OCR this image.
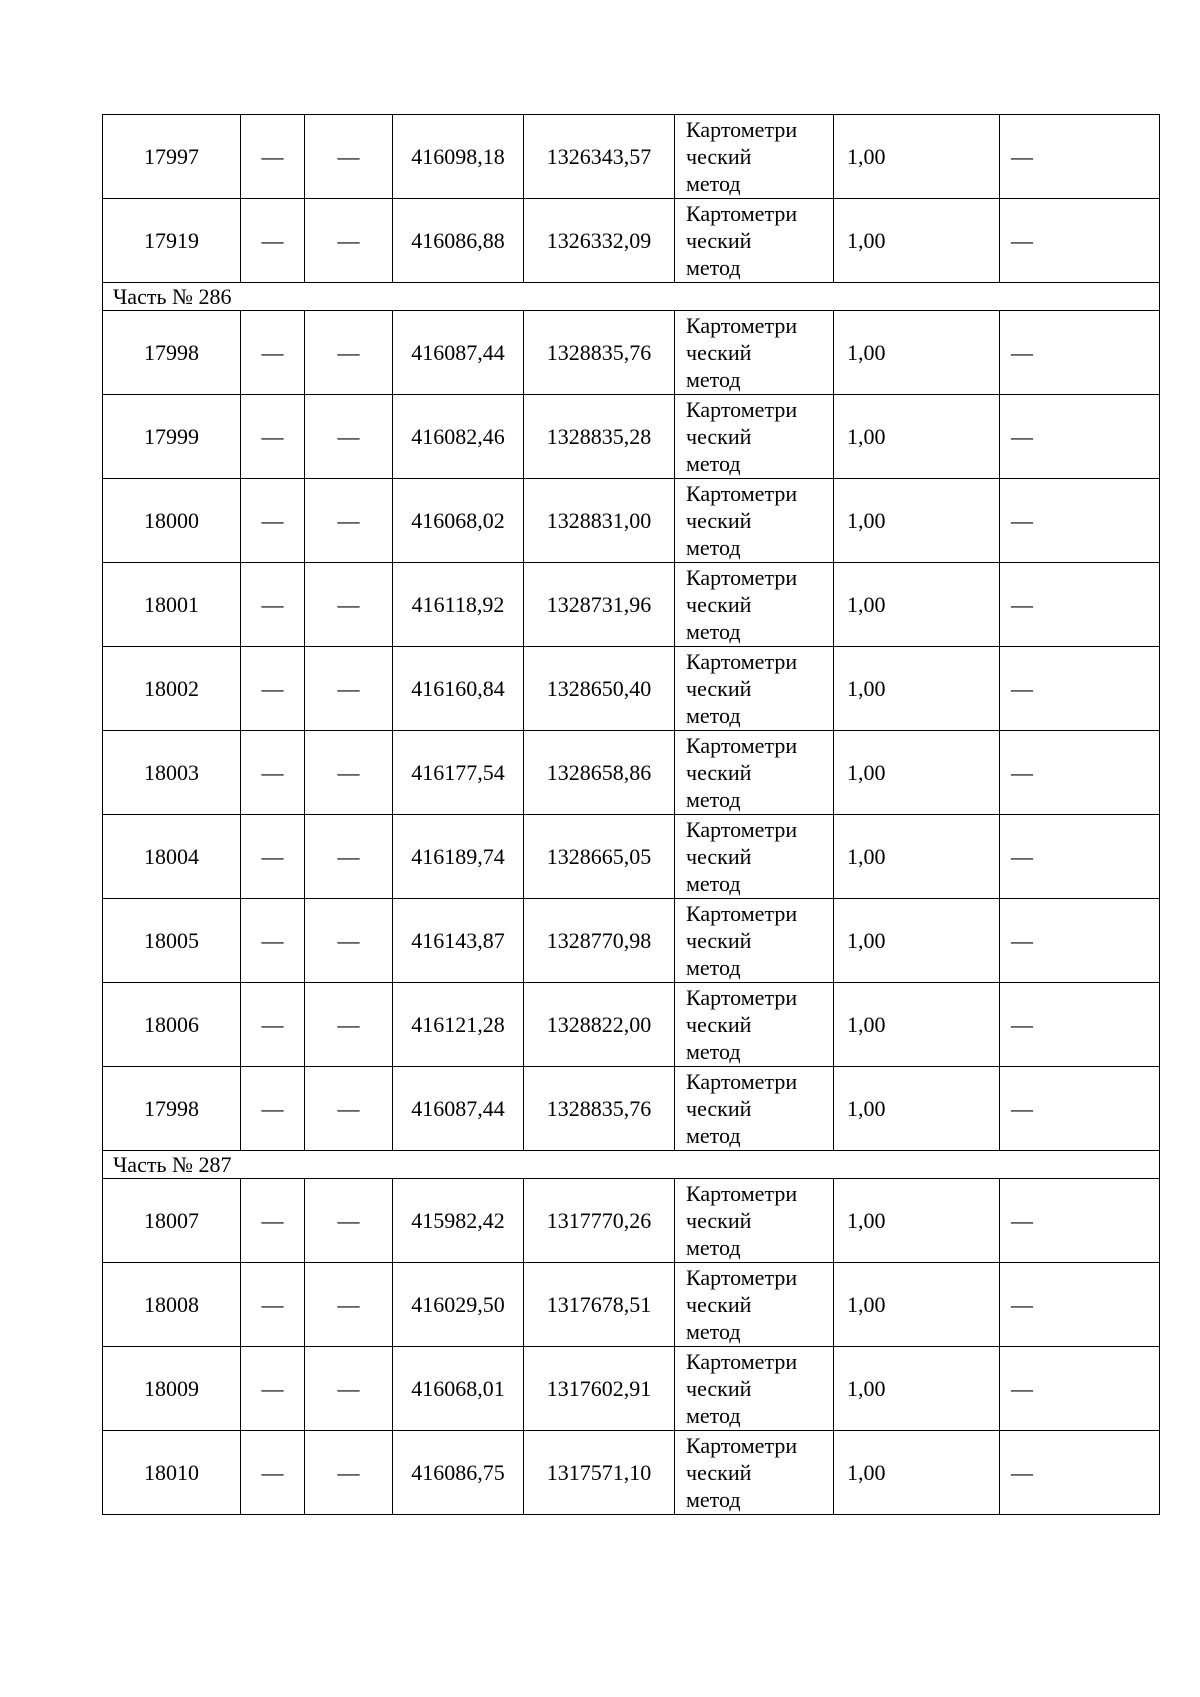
17997	—	—	416098,18	1326343,57	Картометри ческий метод	1,00	—
17919	—	—	416086,88	1326332,09	Картометри ческий метод	1,00	—
Часть № 286							
17998	—	—	416087,44	1328835,76	Картометри ческий метод	1,00	—
17999	—	—	416082,46	1328835,28	Картометри ческий метод	1,00	—
18000	—	—	416068,02	1328831,00	Картометри ческий метод	1,00	—
18001	—	—	416118,92	1328731,96	Картометри ческий метод	1,00	—
18002	—	—	416160,84	1328650,40	Картометри ческий метод	1,00	—
18003	—	—	416177,54	1328658,86	Картометри ческий метод	1,00	—
18004	—	—	416189,74	1328665,05	Картометри ческий метод	1,00	—
18005	—	—	416143,87	1328770,98	Картометри ческий метод	1,00	—
18006	—	—	416121,28	1328822,00	Картометри ческий метод	1,00	—
17998	—	—	416087,44	1328835,76	Картометри ческий метод	1,00	—
Часть № 287							
18007	—	—	415982,42	1317770,26	Картометри ческий метод	1,00	—
18008	—	—	416029,50	1317678,51	Картометри ческий метод	1,00	—
18009	—	—	416068,01	1317602,91	Картометри ческий метод	1,00	—
18010	—	—	416086,75	1317571,10	Картометри ческий метод	1,00	—
